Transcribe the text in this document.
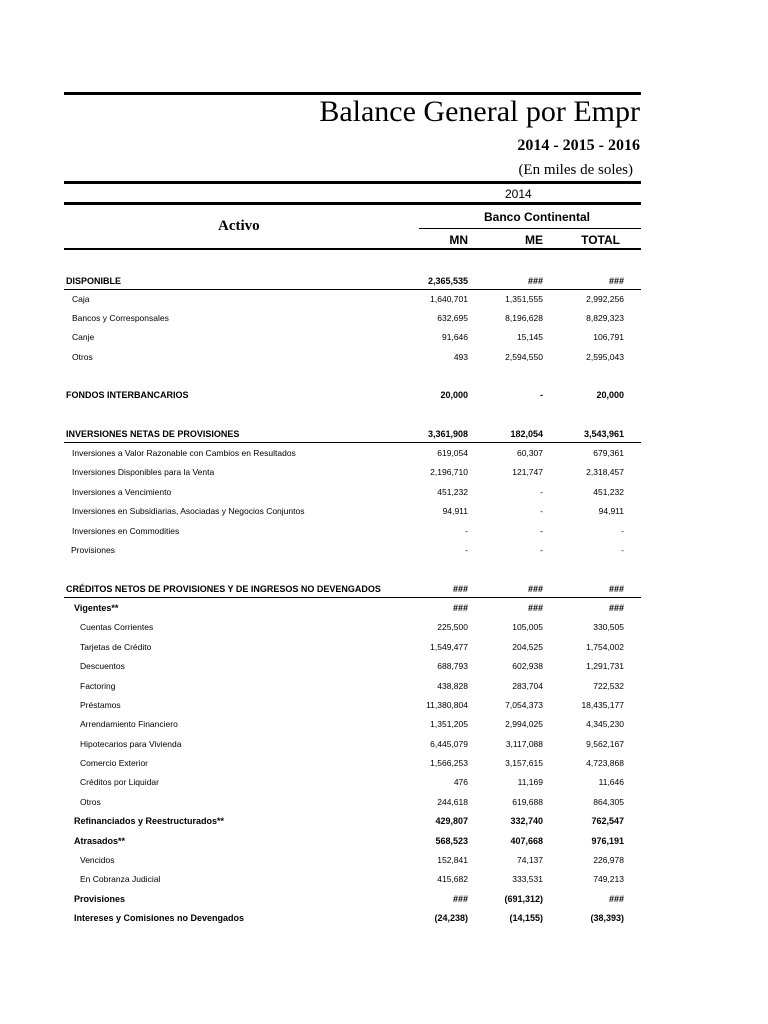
Balance General por Empr
2014 - 2015 - 2016
(En miles de soles)
2014
Activo
Banco Continental
MN	ME	TOTAL
DISPONIBLE	2,365,535	###	###
Caja	1,640,701	1,351,555	2,992,256
Bancos y Corresponsales	632,695	8,196,628	8,829,323
Canje	91,646	15,145	106,791
Otros	493	2,594,550	2,595,043
FONDOS INTERBANCARIOS	20,000	-	20,000
INVERSIONES NETAS DE PROVISIONES	3,361,908	182,054	3,543,961
Inversiones a Valor Razonable con Cambios en Resultados	619,054	60,307	679,361
Inversiones Disponibles para la Venta	2,196,710	121,747	2,318,457
Inversiones a Vencimiento	451,232	-	451,232
Inversiones en Subsidiarias, Asociadas y Negocios Conjuntos	94,911	-	94,911
Inversiones en Commodities	-	-	-
Provisiones	-	-	-
CRÉDITOS NETOS DE PROVISIONES Y DE INGRESOS NO DEVENGADOS	###	###	###
Vigentes**	###	###	###
Cuentas Corrientes	225,500	105,005	330,505
Tarjetas de Crédito	1,549,477	204,525	1,754,002
Descuentos	688,793	602,938	1,291,731
Factoring	438,828	283,704	722,532
Préstamos	11,380,804	7,054,373	18,435,177
Arrendamiento Financiero	1,351,205	2,994,025	4,345,230
Hipotecarios para Vivienda	6,445,079	3,117,088	9,562,167
Comercio Exterior	1,566,253	3,157,615	4,723,868
Créditos por Liquidar	476	11,169	11,646
Otros	244,618	619,688	864,305
Refinanciados y Reestructurados**	429,807	332,740	762,547
Atrasados**	568,523	407,668	976,191
Vencidos	152,841	74,137	226,978
En Cobranza Judicial	415,682	333,531	749,213
Provisiones	###	(691,312)	###
Intereses y Comisiones no Devengados	(24,238)	(14,155)	(38,393)
